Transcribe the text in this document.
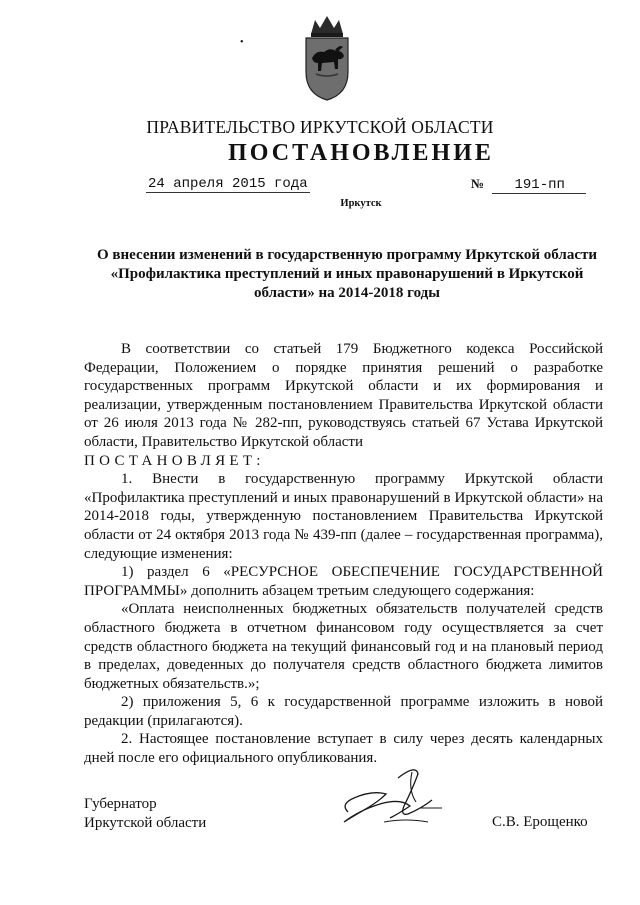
•
ПРАВИТЕЛЬСТВО ИРКУТСКОЙ ОБЛАСТИ
ПОСТАНОВЛЕНИЕ
24 апреля 2015 года	№ 191-пп
Иркутск
О внесении изменений в государственную программу Иркутской области
«Профилактика преступлений и иных правонарушений в Иркутской
области» на 2014-2018 годы

В соответствии со статьей 179 Бюджетного кодекса Российской Федерации, Положением о порядке принятия решений о разработке государственных программ Иркутской области и их формирования и реализации, утвержденным постановлением Правительства Иркутской области от 26 июля 2013 года № 282-пп, руководствуясь статьей 67 Устава Иркутской области, Правительство Иркутской области

ПОСТАНОВЛЯЕТ:

1. Внести в государственную программу Иркутской области «Профилактика преступлений и иных правонарушений в Иркутской области» на 2014-2018 годы, утвержденную постановлением Правительства Иркутской области от 24 октября 2013 года № 439-пп (далее – государственная программа), следующие изменения:

1) раздел 6 «РЕСУРСНОЕ ОБЕСПЕЧЕНИЕ ГОСУДАРСТВЕННОЙ ПРОГРАММЫ» дополнить абзацем третьим следующего содержания:

«Оплата неисполненных бюджетных обязательств получателей средств областного бюджета в отчетном финансовом году осуществляется за счет средств областного бюджета на текущий финансовый год и на плановый период в пределах, доведенных до получателя средств областного бюджета лимитов бюджетных обязательств.»;

2) приложения 5, 6 к государственной программе изложить в новой редакции (прилагаются).

2. Настоящее постановление вступает в силу через десять календарных дней после его официального опубликования.

Губернатор
Иркутской области	С.В. Ерощенко
